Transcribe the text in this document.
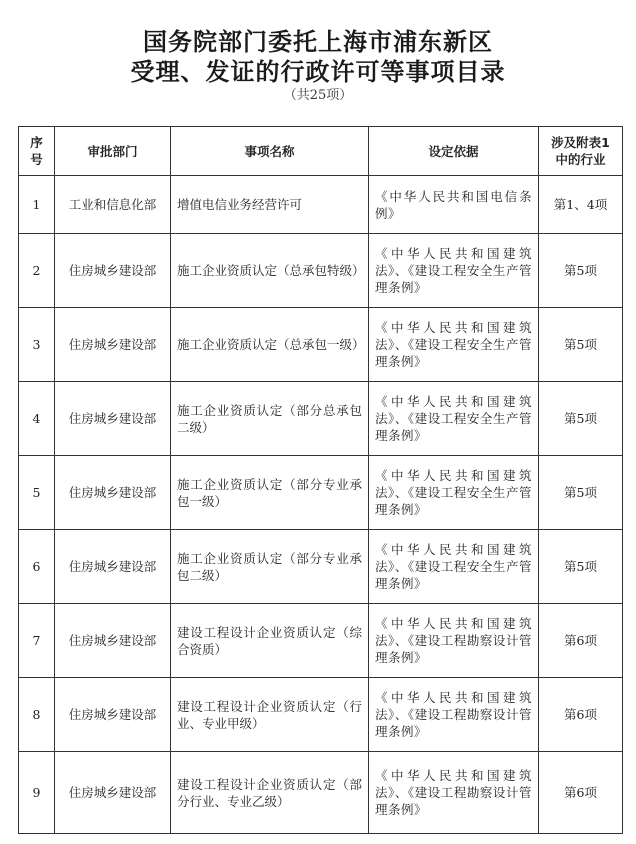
国务院部门委托上海市浦东新区
受理、发证的行政许可等事项目录
（共25项）
序号	审批部门	事项名称	设定依据	涉及附表1中的行业
1	工业和信息化部	增值电信业务经营许可	《中华人民共和国电信条例》	第1、4项
2	住房城乡建设部	施工企业资质认定（总承包特级）	《中华人民共和国建筑法》、《建设工程安全生产管理条例》	第5项
3	住房城乡建设部	施工企业资质认定（总承包一级）	《中华人民共和国建筑法》、《建设工程安全生产管理条例》	第5项
4	住房城乡建设部	施工企业资质认定（部分总承包二级）	《中华人民共和国建筑法》、《建设工程安全生产管理条例》	第5项
5	住房城乡建设部	施工企业资质认定（部分专业承包一级）	《中华人民共和国建筑法》、《建设工程安全生产管理条例》	第5项
6	住房城乡建设部	施工企业资质认定（部分专业承包二级）	《中华人民共和国建筑法》、《建设工程安全生产管理条例》	第5项
7	住房城乡建设部	建设工程设计企业资质认定（综合资质）	《中华人民共和国建筑法》、《建设工程勘察设计管理条例》	第6项
8	住房城乡建设部	建设工程设计企业资质认定（行业、专业甲级）	《中华人民共和国建筑法》、《建设工程勘察设计管理条例》	第6项
9	住房城乡建设部	建设工程设计企业资质认定（部分行业、专业乙级）	《中华人民共和国建筑法》、《建设工程勘察设计管理条例》	第6项
